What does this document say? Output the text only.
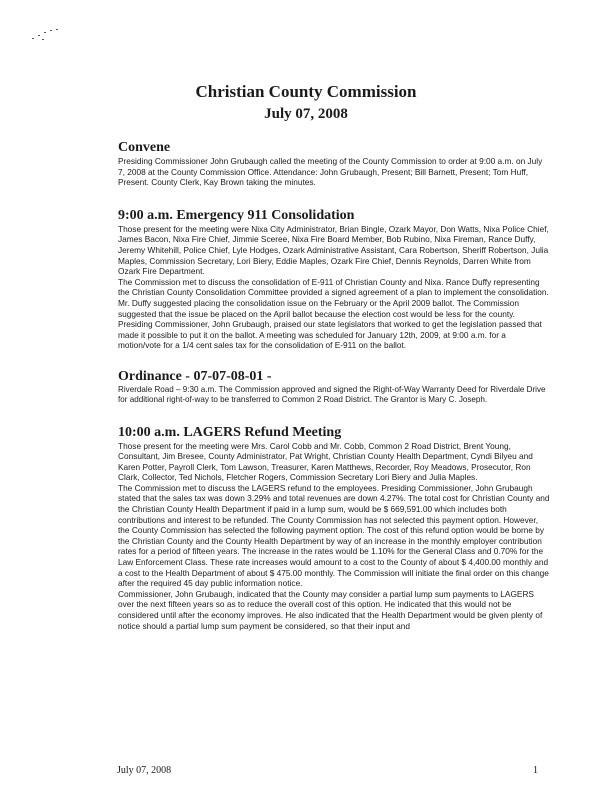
Christian County Commission
July 07, 2008
Convene

Presiding Commissioner John Grubaugh called the meeting of the County Commission to order at 9:00 a.m. on July 7, 2008 at the County Commission Office. Attendance: John Grubaugh, Present; Bill Barnett, Present; Tom Huff, Present. County Clerk, Kay Brown taking the minutes.

9:00 a.m. Emergency 911 Consolidation

Those present for the meeting were Nixa City Administrator, Brian Bingle, Ozark Mayor, Don Watts, Nixa Police Chief, James Bacon, Nixa Fire Chief, Jimmie Sceree, Nixa Fire Board Member, Bob Rubino, Nixa Fireman, Rance Duffy, Jeremy Whitehill, Police Chief, Lyle Hodges, Ozark Administrative Assistant, Cara Robertson, Sheriff Robertson, Julia Maples, Commission Secretary, Lori Biery, Eddie Maples, Ozark Fire Chief, Dennis Reynolds, Darren White from Ozark Fire Department.

The Commission met to discuss the consolidation of E-911 of Christian County and Nixa. Rance Duffy representing the Christian County Consolidation Committee provided a signed agreement of a plan to implement the consolidation. Mr. Duffy suggested placing the consolidation issue on the February or the April 2009 ballot. The Commission suggested that the issue be placed on the April ballot because the election cost would be less for the county.

Presiding Commissioner, John Grubaugh, praised our state legislators that worked to get the legislation passed that made it possible to put it on the ballot. A meeting was scheduled for January 12th, 2009, at 9:00 a.m. for a motion/vote for a 1/4 cent sales tax for the consolidation of E-911 on the ballot.

Ordinance - 07-07-08-01 -

Riverdale Road – 9:30 a.m. The Commission approved and signed the Right-of-Way Warranty Deed for Riverdale Drive for additional right-of-way to be transferred to Common 2 Road District. The Grantor is Mary C. Joseph.

10:00 a.m. LAGERS Refund Meeting

Those present for the meeting were Mrs. Carol Cobb and Mr. Cobb, Common 2 Road District, Brent Young, Consultant, Jim Bresee, County Administrator, Pat Wright, Christian County Health Department, Cyndi Bilyeu and Karen Potter, Payroll Clerk, Tom Lawson, Treasurer, Karen Matthews, Recorder, Roy Meadows, Prosecutor, Ron Clark, Collector, Ted Nichols, Fletcher Rogers, Commission Secretary Lori Biery and Julia Maples.

The Commission met to discuss the LAGERS refund to the employees. Presiding Commissioner, John Grubaugh stated that the sales tax was down 3.29% and total revenues are down 4.27%. The total cost for Christian County and the Christian County Health Department if paid in a lump sum, would be $ 669,591.00 which includes both contributions and interest to be refunded. The County Commission has not selected this payment option. However, the County Commission has selected the following payment option. The cost of this refund option would be borne by the Christian County and the County Health Department by way of an increase in the monthly employer contribution rates for a period of fifteen years. The increase in the rates would be 1.10% for the General Class and 0.70% for the Law Enforcement Class. These rate increases would amount to a cost to the County of about $ 4,400.00 monthly and a cost to the Health Department of about $ 475.00 monthly. The Commission will initiate the final order on this change after the required 45 day public information notice.

Commissioner, John Grubaugh, indicated that the County may consider a partial lump sum payments to LAGERS over the next fifteen years so as to reduce the overall cost of this option. He indicated that this would not be considered until after the economy improves. He also indicated that the Health Department would be given plenty of notice should a partial lump sum payment be considered, so that their input and

July 07, 2008	1
